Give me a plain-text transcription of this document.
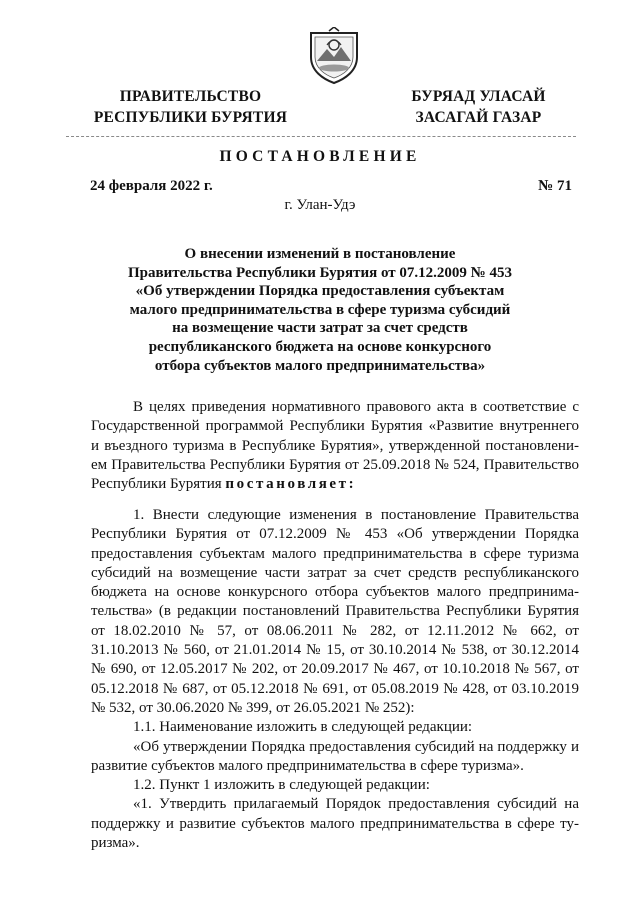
ПРАВИТЕЛЬСТВО
РЕСПУБЛИКИ БУРЯТИЯ
БУРЯАД УЛАСАЙ
ЗАСАГАЙ ГАЗАР
ПОСТАНОВЛЕНИЕ
24 февраля 2022 г.	№ 71
г. Улан-Удэ
О внесении изменений в постановление
Правительства Республики Бурятия от 07.12.2009 № 453
«Об утверждении Порядка предоставления субъектам
малого предпринимательства в сфере туризма субсидий
на возмещение части затрат за счет средств
республиканского бюджета на основе конкурсного
отбора субъектов малого предпринимательства»
В целях приведения нормативного правового акта в соответствие с
Государственной программой Республики Бурятия «Развитие внутреннего
и въездного туризма в Республике Бурятия», утвержденной постановлени-
ем Правительства Республики Бурятия от 25.09.2018 № 524, Правительство
Республики Бурятия постановляет:
1. Внести следующие изменения в постановление Правительства
Республики Бурятия от 07.12.2009 № 453 «Об утверждении Порядка
предоставления субъектам малого предпринимательства в сфере туризма
субсидий на возмещение части затрат за счет средств республиканского
бюджета на основе конкурсного отбора субъектов малого предпринима-
тельства» (в редакции постановлений Правительства Республики Бурятия
от 18.02.2010 № 57, от 08.06.2011 № 282, от 12.11.2012 № 662, от
31.10.2013 № 560, от 21.01.2014 № 15, от 30.10.2014 № 538, от 30.12.2014
№ 690, от 12.05.2017 № 202, от 20.09.2017 № 467, от 10.10.2018 № 567, от
05.12.2018 № 687, от 05.12.2018 № 691, от 05.08.2019 № 428, от 03.10.2019
№ 532, от 30.06.2020 № 399, от 26.05.2021 № 252):
1.1. Наименование изложить в следующей редакции:
«Об утверждении Порядка предоставления субсидий на поддержку и
развитие субъектов малого предпринимательства в сфере туризма».
1.2. Пункт 1 изложить в следующей редакции:
«1. Утвердить прилагаемый Порядок предоставления субсидий на
поддержку и развитие субъектов малого предпринимательства в сфере ту-
ризма».
